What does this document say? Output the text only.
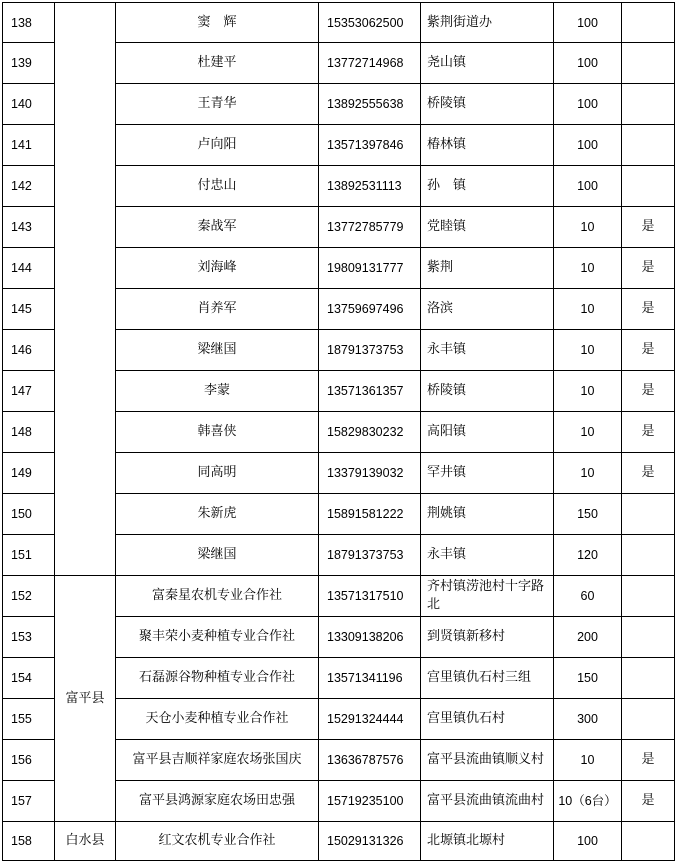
138		窦　辉	15353062500	紫荆街道办	100	
139		杜建平	13772714968	尧山镇	100	
140		王青华	13892555638	桥陵镇	100	
141		卢向阳	13571397846	椿林镇	100	
142		付忠山	13892531113	孙　镇	100	
143		秦战军	13772785779	党睦镇	10	是
144		刘海峰	19809131777	紫荆	10	是
145		肖养军	13759697496	洛滨	10	是
146		梁继国	18791373753	永丰镇	10	是
147		李蒙	13571361357	桥陵镇	10	是
148		韩喜侠	15829830232	高阳镇	10	是
149		同高明	13379139032	罕井镇	10	是
150		朱新虎	15891581222	荆姚镇	150	
151		梁继国	18791373753	永丰镇	120	
152	富平县	富秦星农机专业合作社	13571317510	齐村镇涝池村十字路北	60	
153		聚丰荣小麦种植专业合作社	13309138206	到贤镇新移村	200	
154		石磊源谷物种植专业合作社	13571341196	宫里镇仇石村三组	150	
155		天仓小麦种植专业合作社	15291324444	宫里镇仇石村	300	
156		富平县吉顺祥家庭农场张国庆	13636787576	富平县流曲镇顺义村	10	是
157		富平县鸿源家庭农场田忠强	15719235100	富平县流曲镇流曲村	10（6台）	是
158	白水县	红文农机专业合作社	15029131326	北塬镇北塬村	100	
